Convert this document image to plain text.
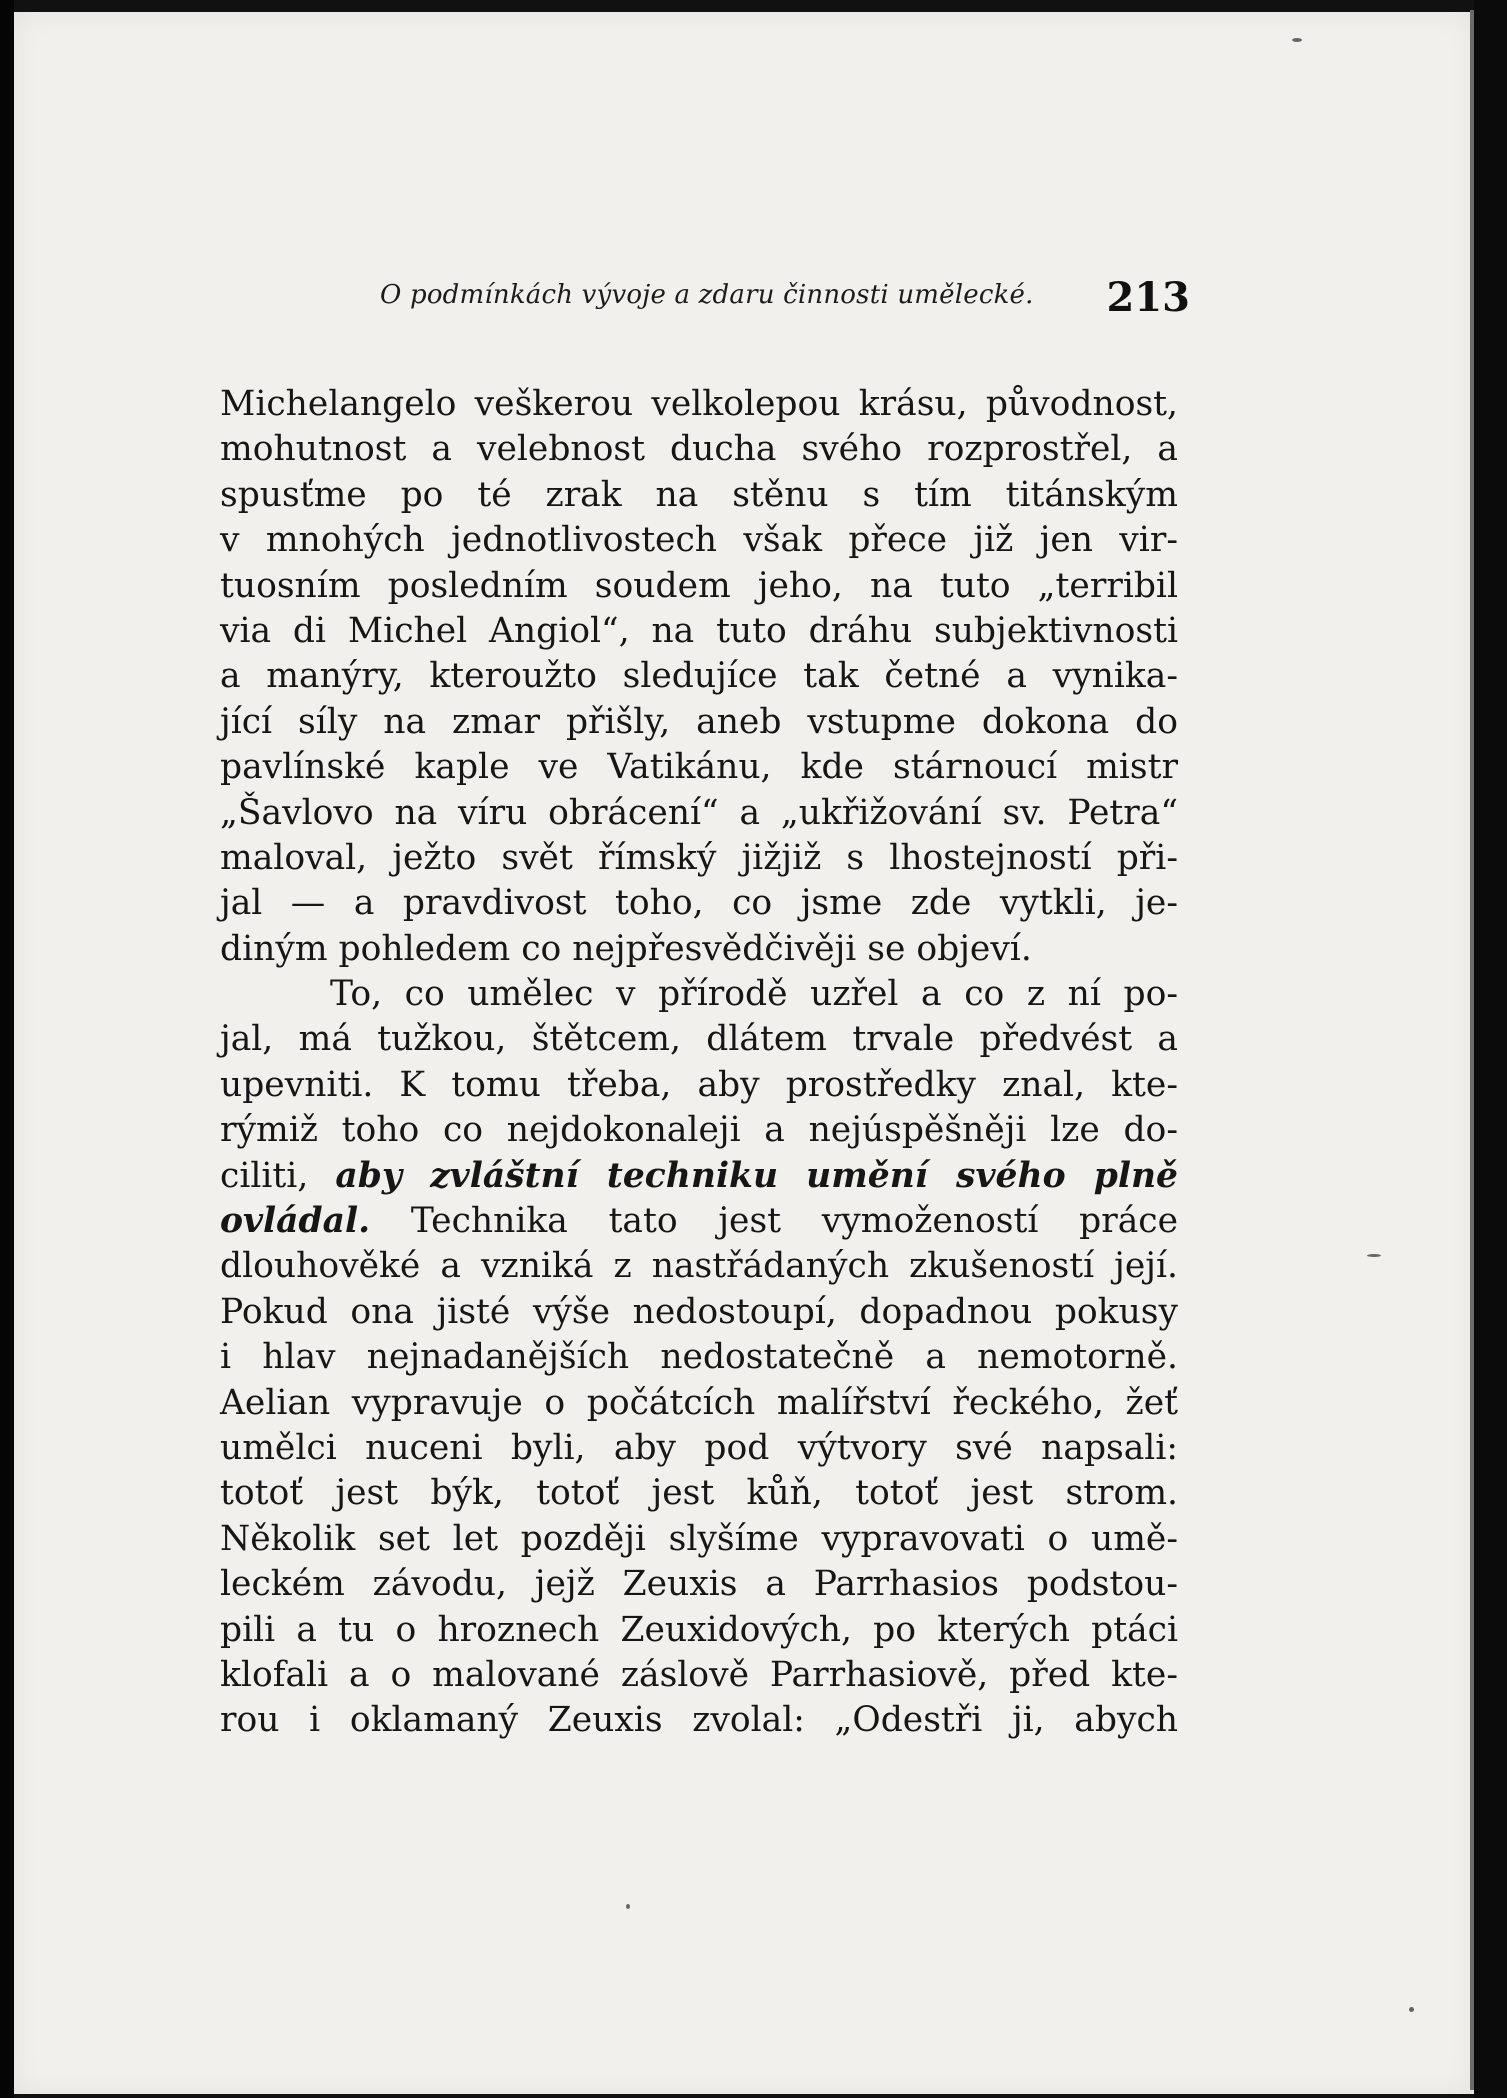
O podmínkách vývoje a zdaru činnosti umělecké. 213
Michelangelo veškerou velkolepou krásu, původnost,
mohutnost a velebnost ducha svého rozprostřel, a
spusťme po té zrak na stěnu s tím titánským
v mnohých jednotlivostech však přece již jen vir-
tuosním posledním soudem jeho, na tuto „terribil
via di Michel Angiol“, na tuto dráhu subjektivnosti
a manýry, kteroužto sledujíce tak četné a vynika-
jící síly na zmar přišly, aneb vstupme dokona do
pavlínské kaple ve Vatikánu, kde stárnoucí mistr
„Šavlovo na víru obrácení“ a „ukřižování sv. Petra“
maloval, ježto svět římský jižjiž s lhostejností při-
jal — a pravdivost toho, co jsme zde vytkli, je-
diným pohledem co nejpřesvědčivěji se objeví.
To, co umělec v přírodě uzřel a co z ní po-
jal, má tužkou, štětcem, dlátem trvale předvést a
upevniti. K tomu třeba, aby prostředky znal, kte-
rýmiž toho co nejdokonaleji a nejúspěšněji lze do-
ciliti, aby zvláštní techniku umění svého plně
ovládal. Technika tato jest vymožeností práce
dlouhověké a vzniká z nastřádaných zkušeností její.
Pokud ona jisté výše nedostoupí, dopadnou pokusy
i hlav nejnadanějších nedostatečně a nemotorně.
Aelian vypravuje o počátcích malířství řeckého, žeť
umělci nuceni byli, aby pod výtvory své napsali:
totoť jest býk, totoť jest kůň, totoť jest strom.
Několik set let později slyšíme vypravovati o umě-
leckém závodu, jejž Zeuxis a Parrhasios podstou-
pili a tu o hroznech Zeuxidových, po kterých ptáci
klofali a o malované záslově Parrhasiově, před kte-
rou i oklamaný Zeuxis zvolal: „Odestři ji, abych
